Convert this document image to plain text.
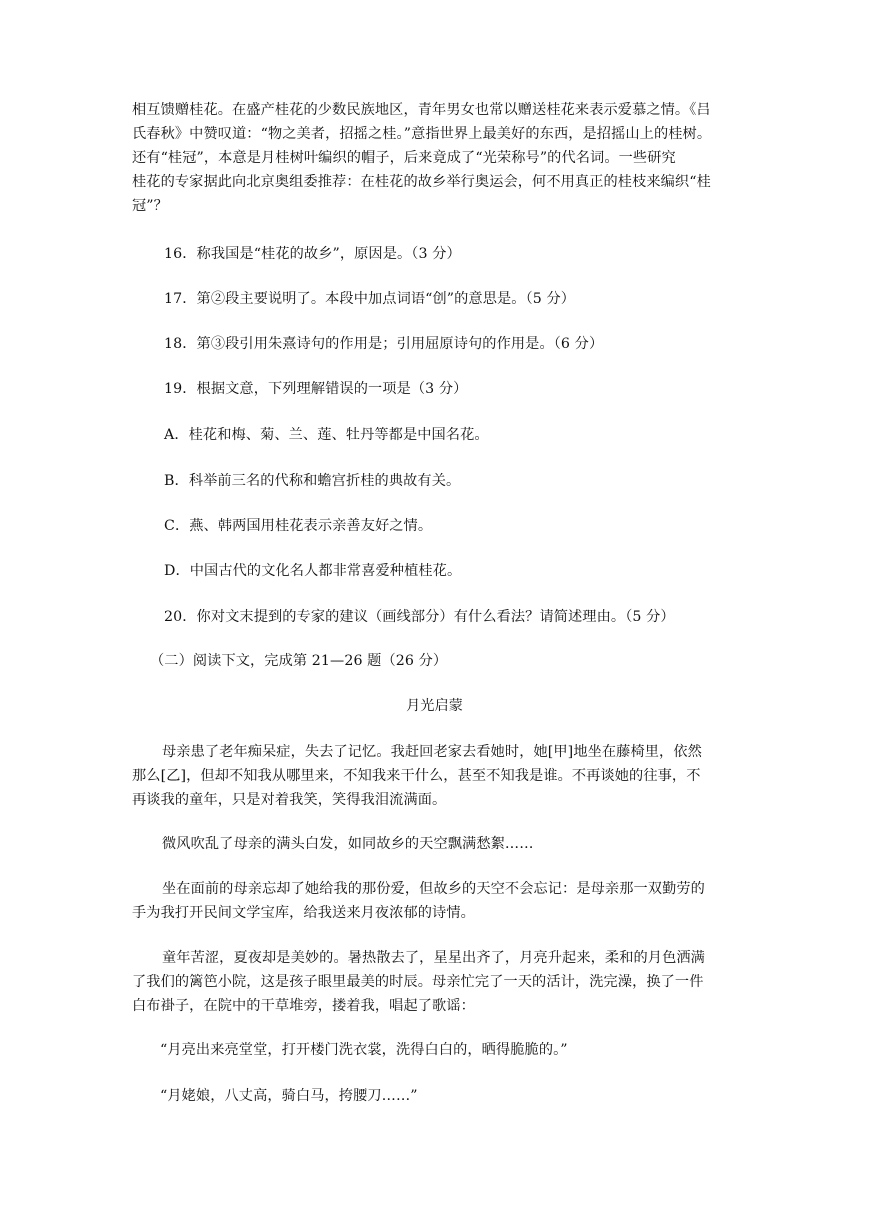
相互馈赠桂花。在盛产桂花的少数民族地区，青年男女也常以赠送桂花来表示爱慕之情。《吕
氏春秋》中赞叹道：“物之美者，招摇之桂。”意指世界上最美好的东西，是招摇山上的桂树。
还有“桂冠”，本意是月桂树叶编织的帽子，后来竟成了“光荣称号”的代名词。一些研究
桂花的专家据此向北京奥组委推荐：在桂花的故乡举行奥运会，何不用真正的桂枝来编织“桂
冠”？
16．称我国是“桂花的故乡”，原因是。（3 分）
17．第②段主要说明了。本段中加点词语“创”的意思是。（5 分）
18．第③段引用朱熹诗句的作用是；引用屈原诗句的作用是。（6 分）
19．根据文意，下列理解错误的一项是（3 分）
A．桂花和梅、菊、兰、莲、牡丹等都是中国名花。
B．科举前三名的代称和蟾宫折桂的典故有关。
C．燕、韩两国用桂花表示亲善友好之情。
D．中国古代的文化名人都非常喜爱种植桂花。
20．你对文末提到的专家的建议（画线部分）有什么看法？请简述理由。（5 分）
（二）阅读下文，完成第 21—26 题（26 分）
月光启蒙
母亲患了老年痴呆症，失去了记忆。我赶回老家去看她时，她[甲]地坐在藤椅里，依然
那么[乙]，但却不知我从哪里来，不知我来干什么，甚至不知我是谁。不再谈她的往事，不
再谈我的童年，只是对着我笑，笑得我泪流满面。
微风吹乱了母亲的满头白发，如同故乡的天空飘满愁絮……
坐在面前的母亲忘却了她给我的那份爱，但故乡的天空不会忘记：是母亲那一双勤劳的
手为我打开民间文学宝库，给我送来月夜浓郁的诗情。
童年苦涩，夏夜却是美妙的。暑热散去了，星星出齐了，月亮升起来，柔和的月色洒满
了我们的篱笆小院，这是孩子眼里最美的时辰。母亲忙完了一天的活计，洗完澡，换了一件
白布褂子，在院中的干草堆旁，搂着我，唱起了歌谣：
“月亮出来亮堂堂，打开楼门洗衣裳，洗得白白的，晒得脆脆的。”
“月姥娘，八丈高，骑白马，挎腰刀……”
